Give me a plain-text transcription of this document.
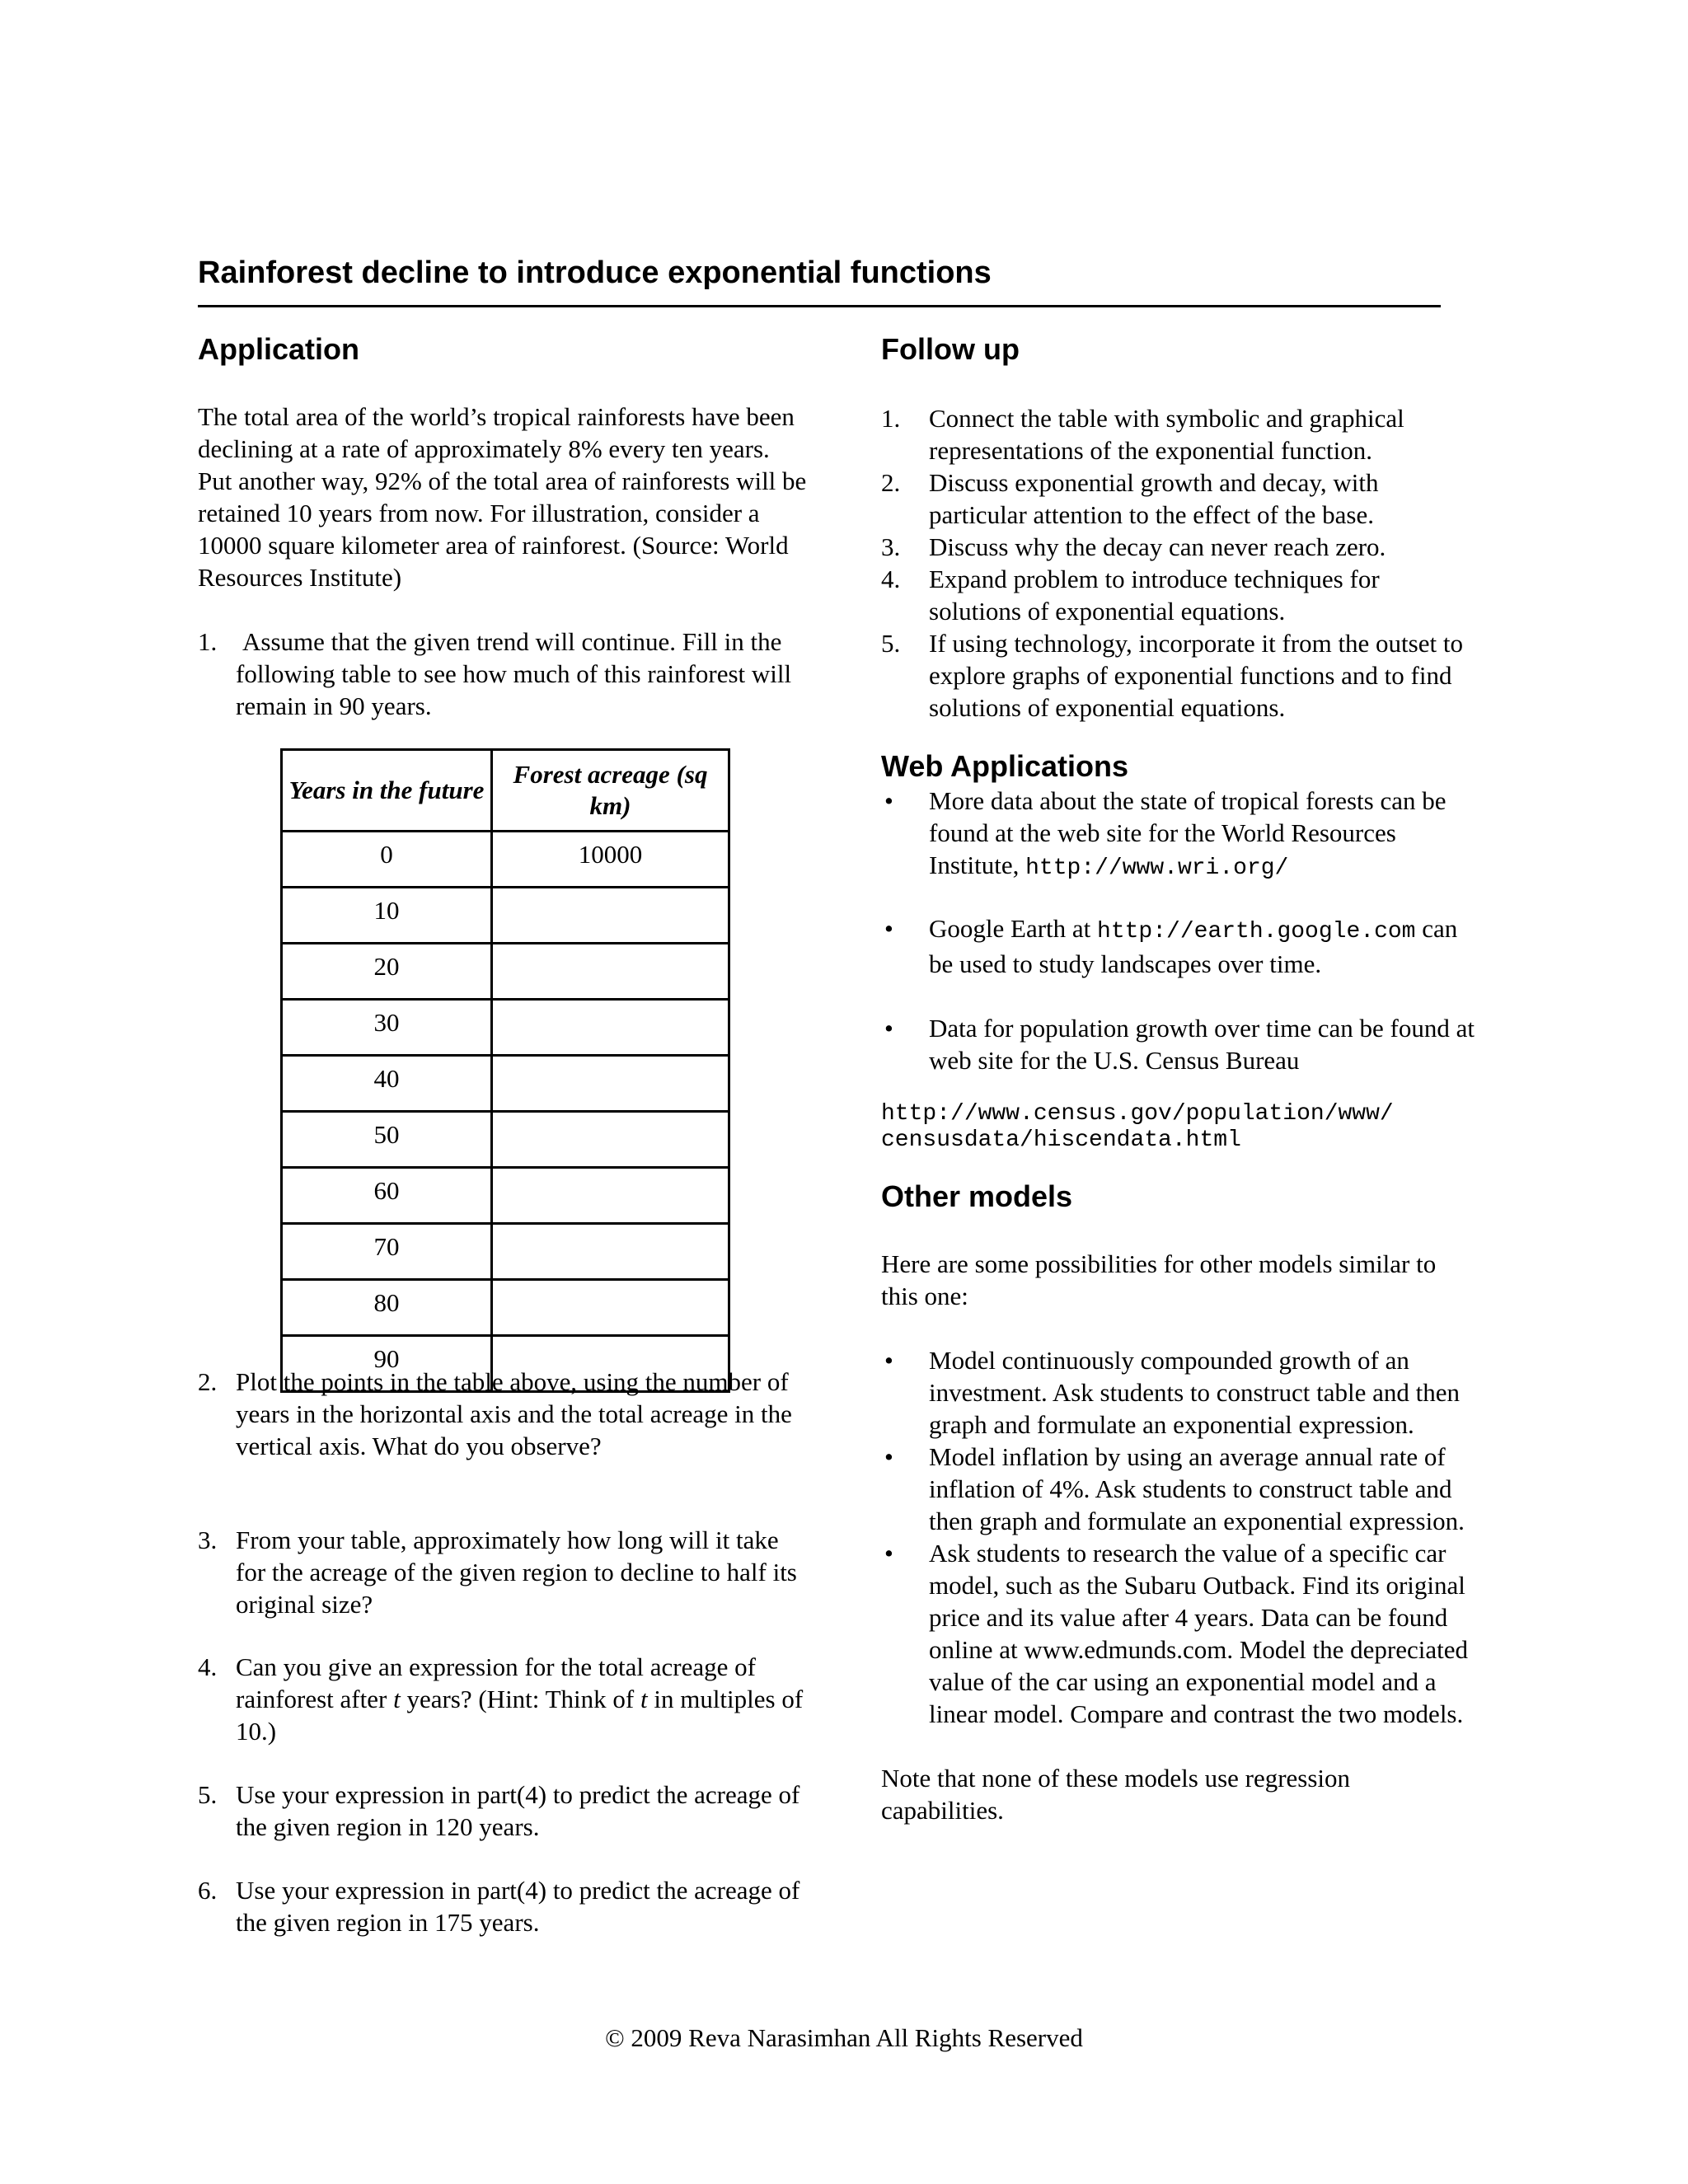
Rainforest decline to introduce exponential functions
Application

The total area of the world’s tropical rainforests have been declining at a rate of approximately 8% every ten years. Put another way, 92% of the total area of rainforests will be retained 10 years from now. For illustration, consider a 10000 square kilometer area of rainforest. (Source: World Resources Institute)

1. Assume that the given trend will continue. Fill in the following table to see how much of this rainforest will remain in 90 years.
2. Plot the points in the table above, using the number of years in the horizontal axis and the total acreage in the vertical axis. What do you observe?
3. From your table, approximately how long will it take for the acreage of the given region to decline to half its original size?
4. Can you give an expression for the total acreage of rainforest after t years? (Hint: Think of t in multiples of 10.)
5. Use your expression in part(4) to predict the acreage of the given region in 120 years.
6. Use your expression in part(4) to predict the acreage of the given region in 175 years.
Years in the future	Forest acreage (sq km)
0	10000
10	
20	
30	
40	
50	
60	
70	
80	
90	
Follow up
1. Connect the table with symbolic and graphical representations of the exponential function.
2. Discuss exponential growth and decay, with particular attention to the effect of the base.
3. Discuss why the decay can never reach zero.
4. Expand problem to introduce techniques for solutions of exponential equations.
5. If using technology, incorporate it from the outset to explore graphs of exponential functions and to find solutions of exponential equations.
Web Applications
• More data about the state of tropical forests can be found at the web site for the World Resources Institute, http://www.wri.org/
• Google Earth at http://earth.google.com can be used to study landscapes over time.
• Data for population growth over time can be found at web site for the U.S. Census Bureau
http://www.census.gov/population/www/
censusdata/hiscendata.html
Other models

Here are some possibilities for other models similar to this one:

• Model continuously compounded growth of an investment. Ask students to construct table and then graph and formulate an exponential expression.
• Model inflation by using an average annual rate of inflation of 4%. Ask students to construct table and then graph and formulate an exponential expression.
• Ask students to research the value of a specific car model, such as the Subaru Outback. Find its original price and its value after 4 years. Data can be found online at www.edmunds.com. Model the depreciated value of the car using an exponential model and a linear model. Compare and contrast the two models.

Note that none of these models use regression capabilities.

© 2009 Reva Narasimhan All Rights Reserved
